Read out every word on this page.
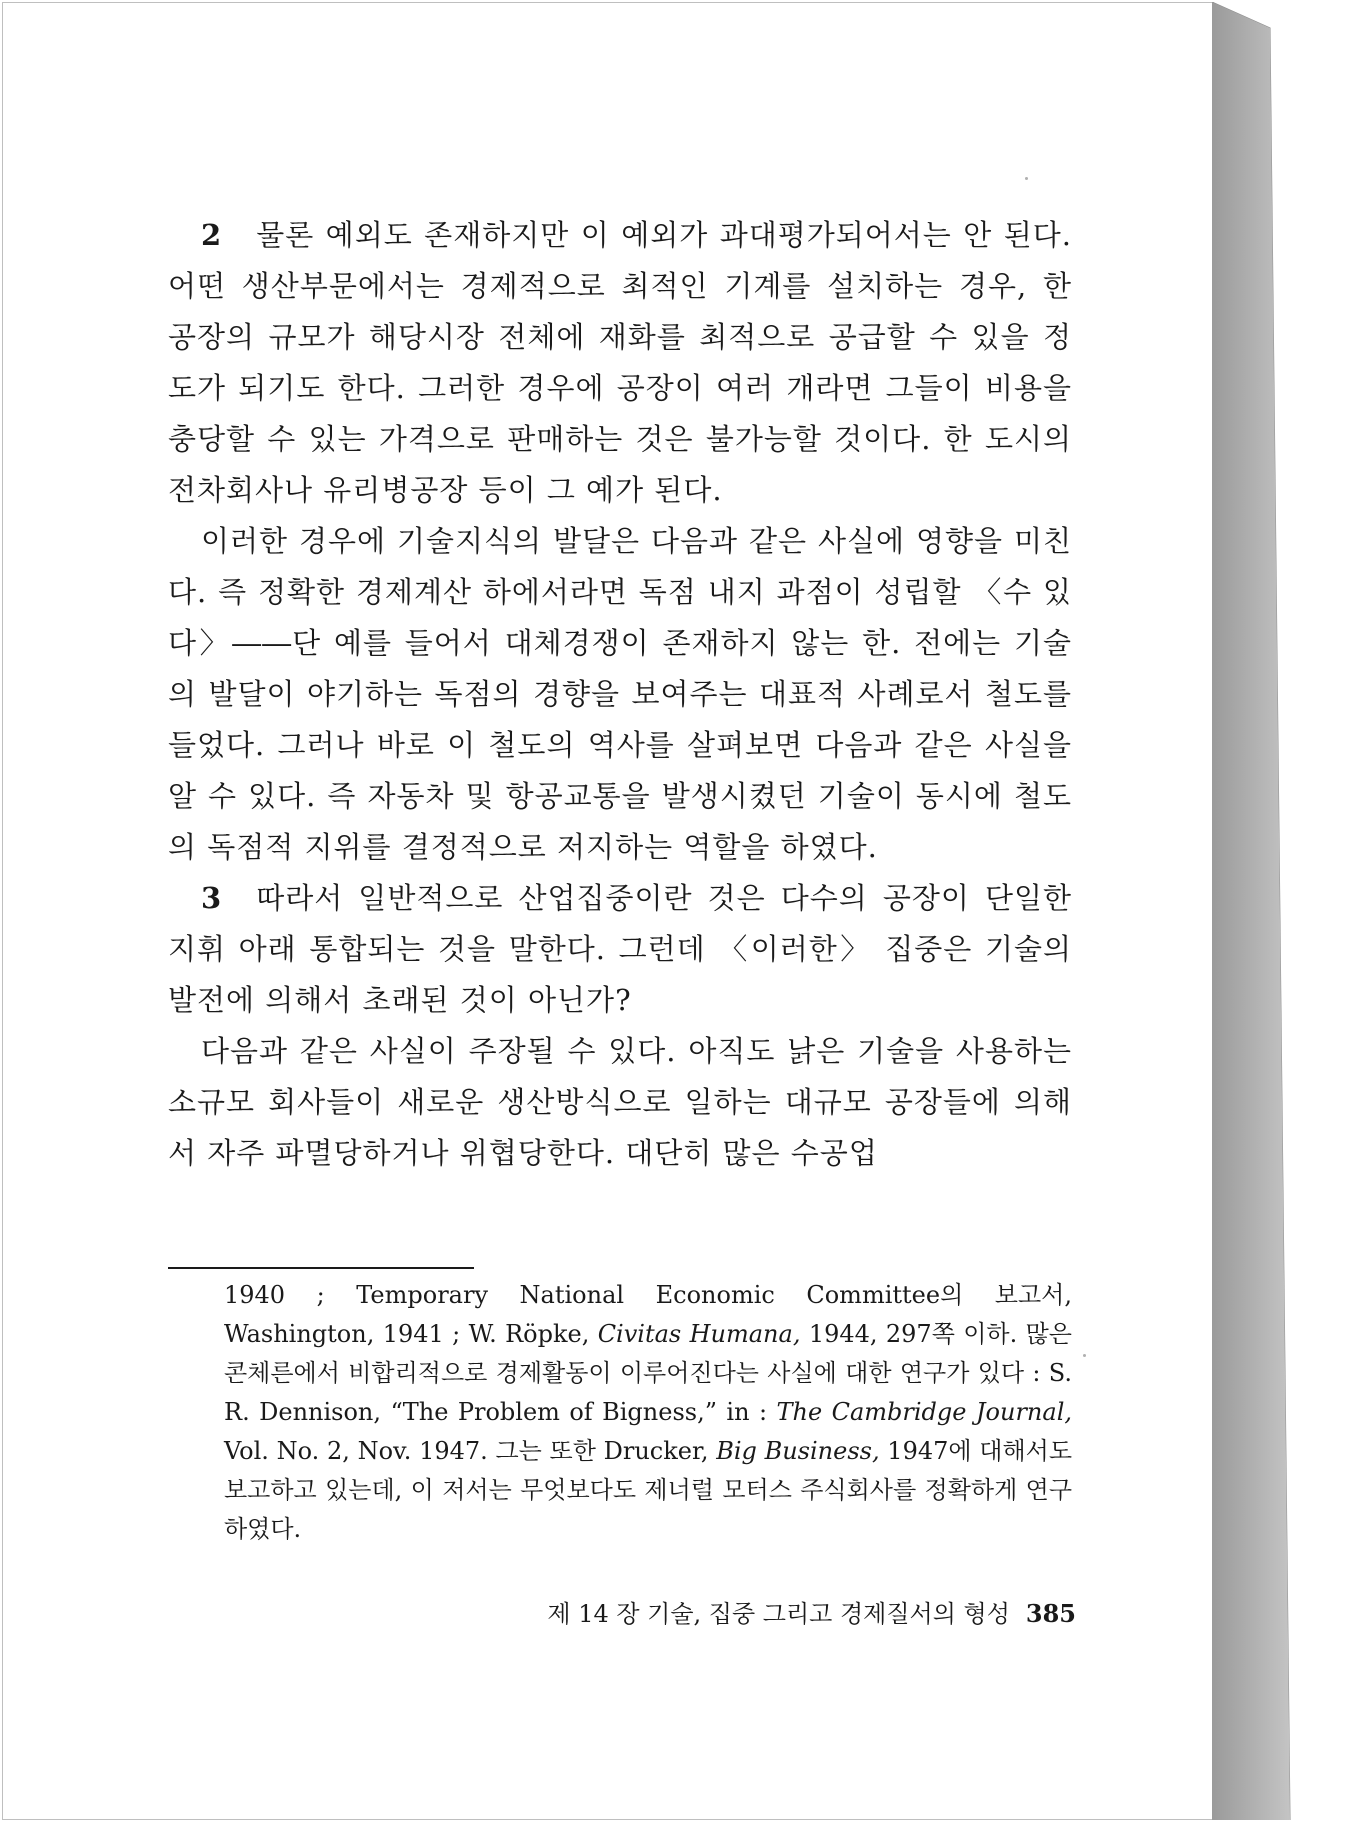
2 물론 예외도 존재하지만 이 예외가 과대평가되어서는 안 된다. 어떤 생산부문에서는 경제적으로 최적인 기계를 설치하는 경우, 한 공장의 규모가 해당시장 전체에 재화를 최적으로 공급할 수 있을 정도가 되기도 한다. 그러한 경우에 공장이 여러 개라면 그들이 비용을 충당할 수 있는 가격으로 판매하는 것은 불가능할 것이다. 한 도시의 전차회사나 유리병공장 등이 그 예가 된다.

이러한 경우에 기술지식의 발달은 다음과 같은 사실에 영향을 미친다. 즉 정확한 경제계산 하에서라면 독점 내지 과점이 성립할 〈수 있다〉――단 예를 들어서 대체경쟁이 존재하지 않는 한. 전에는 기술의 발달이 야기하는 독점의 경향을 보여주는 대표적 사례로서 철도를 들었다. 그러나 바로 이 철도의 역사를 살펴보면 다음과 같은 사실을 알 수 있다. 즉 자동차 및 항공교통을 발생시켰던 기술이 동시에 철도의 독점적 지위를 결정적으로 저지하는 역할을 하였다.

3 따라서 일반적으로 산업집중이란 것은 다수의 공장이 단일한 지휘 아래 통합되는 것을 말한다. 그런데 〈이러한〉 집중은 기술의 발전에 의해서 초래된 것이 아닌가?

다음과 같은 사실이 주장될 수 있다. 아직도 낡은 기술을 사용하는 소규모 회사들이 새로운 생산방식으로 일하는 대규모 공장들에 의해서 자주 파멸당하거나 위협당한다. 대단히 많은 수공업

1940 ; Temporary National Economic Committee의 보고서, Washington, 1941 ; W. Röpke, Civitas Humana, 1944, 297쪽 이하. 많은 콘체른에서 비합리적으로 경제활동이 이루어진다는 사실에 대한 연구가 있다 : S. R. Dennison, “The Problem of Bigness,” in : The Cambridge Journal, Vol. No. 2, Nov. 1947. 그는 또한 Drucker, Big Business, 1947에 대해서도 보고하고 있는데, 이 저서는 무엇보다도 제너럴 모터스 주식회사를 정확하게 연구하였다.

제 14 장 기술, 집중 그리고 경제질서의 형성 385
